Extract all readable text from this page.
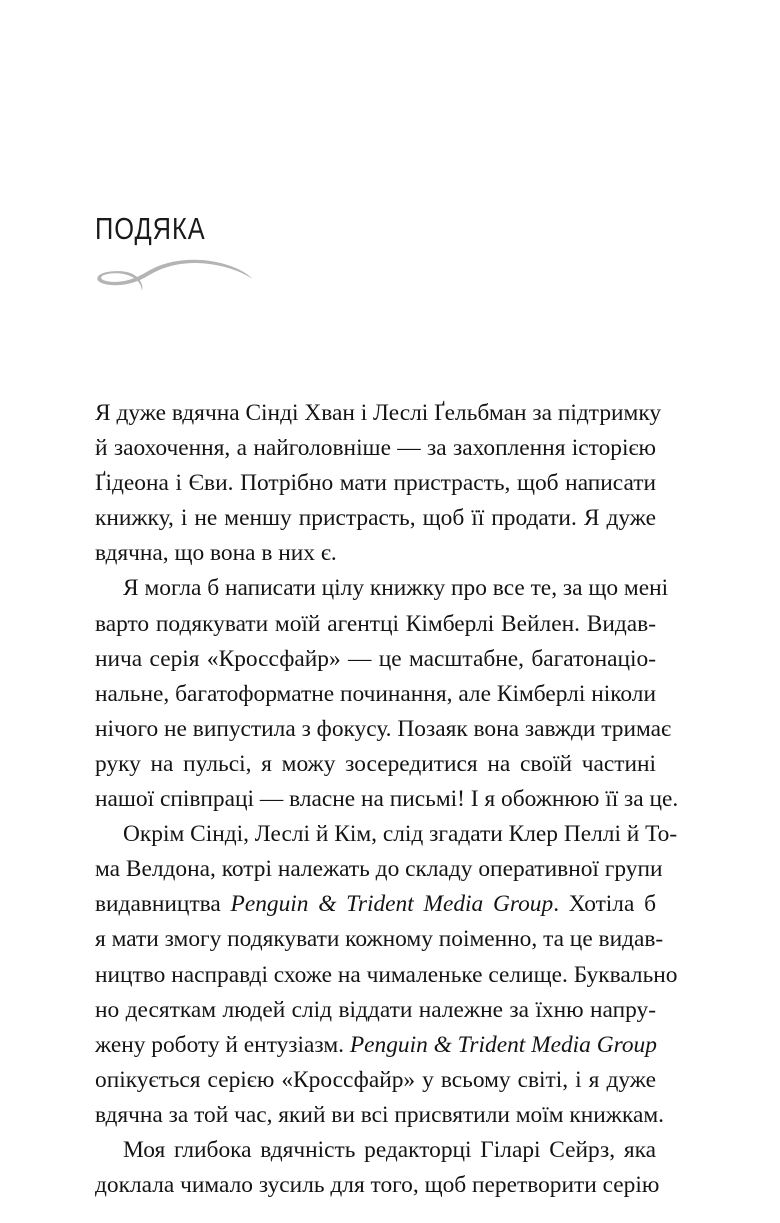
ПОДЯКА

Я дуже вдячна Сінді Хван і Леслі Ґельбман за підтримку
й заохочення, а найголовніше — за захоплення історією
Ґідеона і Єви. Потрібно мати пристрасть, щоб написати
книжку, і не меншу пристрасть, щоб її продати. Я дуже
вдячна, що вона в них є.

Я могла б написати цілу книжку про все те, за що мені
варто подякувати моїй агентці Кімберлі Вейлен. Видав-
нича серія «Кроссфайр» — це масштабне, багатонаціо-
нальне, багатоформатне починання, але Кімберлі ніколи
нічого не випустила з фокусу. Позаяк вона завжди тримає
руку на пульсі, я можу зосередитися на своїй частині
нашої співпраці — власне на письмі! І я обожнюю її за це.

Окрім Сінді, Леслі й Кім, слід згадати Клер Пеллі й То-
ма Велдона, котрі належать до складу оперативної групи
видавництва Penguin & Trident Media Group. Хотіла б
я мати змогу подякувати кожному поіменно, та це видав-
ництво насправді схоже на чималеньке селище. Буквально
но десяткам людей слід віддати належне за їхню напру-
жену роботу й ентузіазм. Penguin & Trident Media Group
опікується серією «Кроссфайр» у всьому світі, і я дуже
вдячна за той час, який ви всі присвятили моїм книжкам.

Моя глибока вдячність редакторці Гіларі Сейрз, яка
доклала чимало зусиль для того, щоб перетворити серію
